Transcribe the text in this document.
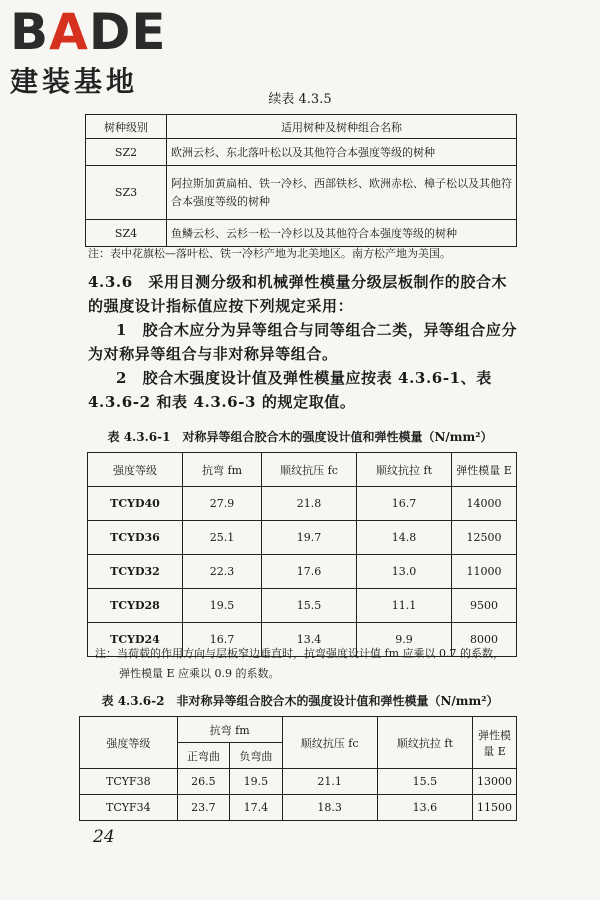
BADE
建装基地
续表 4.3.5
树种级别	适用树种及树种组合名称
SZ2	欧洲云杉、东北落叶松以及其他符合本强度等级的树种
SZ3	阿拉斯加黄扁柏、铁一冷杉、西部铁杉、欧洲赤松、樟子松以及其他符合本强度等级的树种
SZ4	鱼鳞云杉、云杉一松一冷杉以及其他符合本强度等级的树种
注：表中花旗松—落叶松、铁一冷杉产地为北美地区。南方松产地为美国。
4.3.6　采用目测分级和机械弹性模量分级层板制作的胶合木的强度设计指标值应按下列规定采用：
1　胶合木应分为异等组合与同等组合二类，异等组合应分为对称异等组合与非对称异等组合。
2　胶合木强度设计值及弹性模量应按表 4.3.6-1、表 4.3.6-2 和表 4.3.6-3 的规定取值。
表 4.3.6-1　对称异等组合胶合木的强度设计值和弹性模量（N/mm²）
强度等级	抗弯 fm	顺纹抗压 fc	顺纹抗拉 ft	弹性模量 E
TCYD40	27.9	21.8	16.7	14000
TCYD36	25.1	19.7	14.8	12500
TCYD32	22.3	17.6	13.0	11000
TCYD28	19.5	15.5	11.1	9500
TCYD24	16.7	13.4	9.9	8000
注：当荷载的作用方向与层板窄边垂直时，抗弯强度设计值 fm 应乘以 0.7 的系数，
弹性模量 E 应乘以 0.9 的系数。
表 4.3.6-2　非对称异等组合胶合木的强度设计值和弹性模量（N/mm²）
强度等级	抗弯 fm		顺纹抗压 fc	顺纹抗拉 ft	弹性模量 E
	正弯曲	负弯曲			
TCYF38	26.5	19.5	21.1	15.5	13000
TCYF34	23.7	17.4	18.3	13.6	11500
24
